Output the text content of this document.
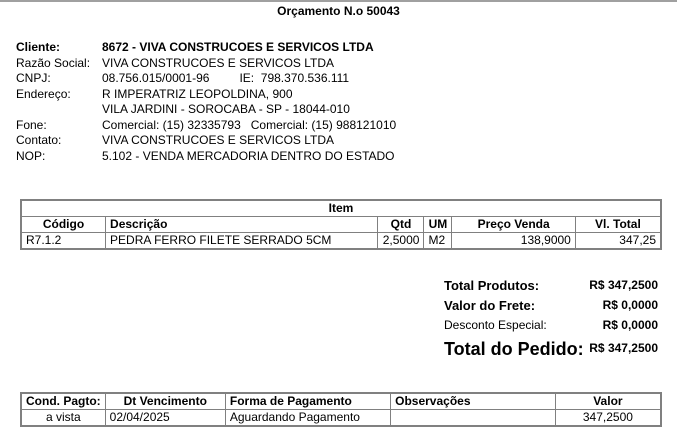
Orçamento N.o 50043
Cliente:	8672 - VIVA CONSTRUCOES E SERVICOS LTDA
Razão Social: VIVA CONSTRUCOES E SERVICOS LTDA
CNPJ:	08.756.015/0001-96	IE: 798.370.536.111
Endereço:	R IMPERATRIZ LEOPOLDINA, 900
VILA JARDINI - SOROCABA - SP - 18044-010
Fone:	Comercial: (15) 32335793 Comercial: (15) 988121010
Contato:	VIVA CONSTRUCOES E SERVICOS LTDA
NOP:	5.102 - VENDA MERCADORIA DENTRO DO ESTADO
Item					
Código	Descrição	Qtd	UM	Preço Venda	Vl. Total
R7.1.2	PEDRA FERRO FILETE SERRADO 5CM	2,5000	M2	138,9000	347,25
Total Produtos:	R$ 347,2500
Valor do Frete:	R$ 0,0000
Desconto Especial:	R$ 0,0000
Total do Pedido: R$ 347,2500
Cond. Pagto:	Dt Vencimento	Forma de Pagamento	Observações	Valor
a vista	02/04/2025	Aguardando Pagamento		347,2500
